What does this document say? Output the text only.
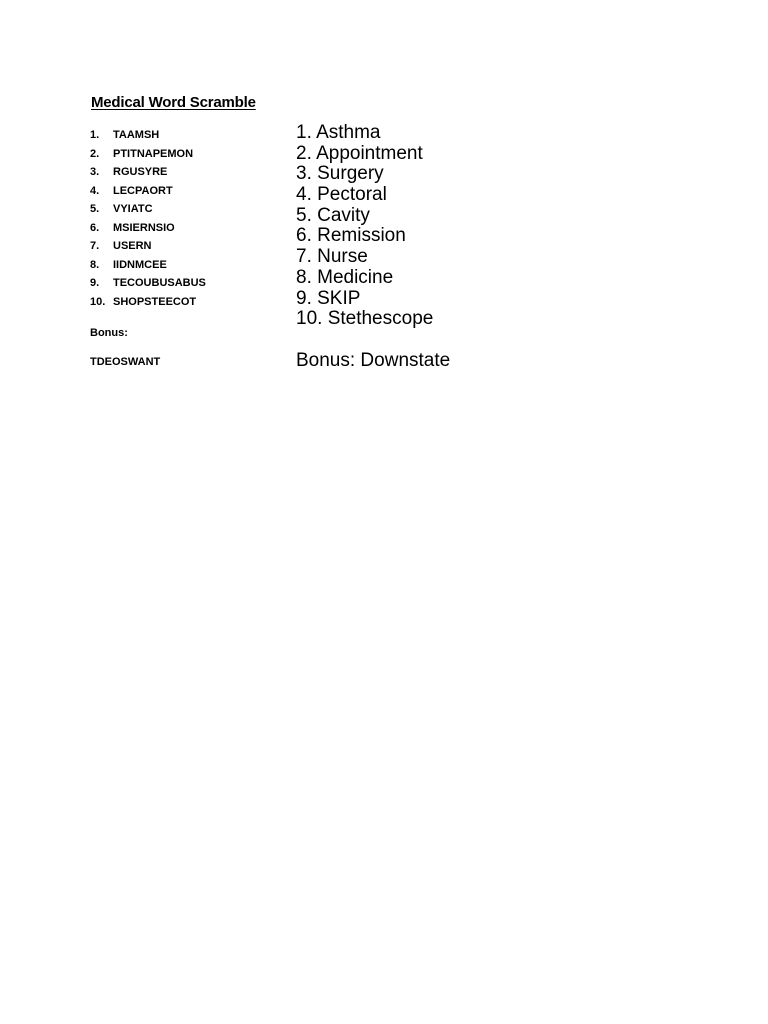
Medical Word Scramble
1.	TAAMSH
2.	PTITNAPEMON
3.	RGUSYRE
4.	LECPAORT
5.	VYIATC
6.	MSIERNSIO
7.	USERN
8.	IIDNMCEE
9.	TECOUBUSABUS
10. SHOPSTEECOT
Bonus:
TDEOSWANT
1. Asthma
2. Appointment
3. Surgery
4. Pectoral
5. Cavity
6. Remission
7. Nurse
8. Medicine
9. SKIP
10. Stethescope
Bonus: Downstate
